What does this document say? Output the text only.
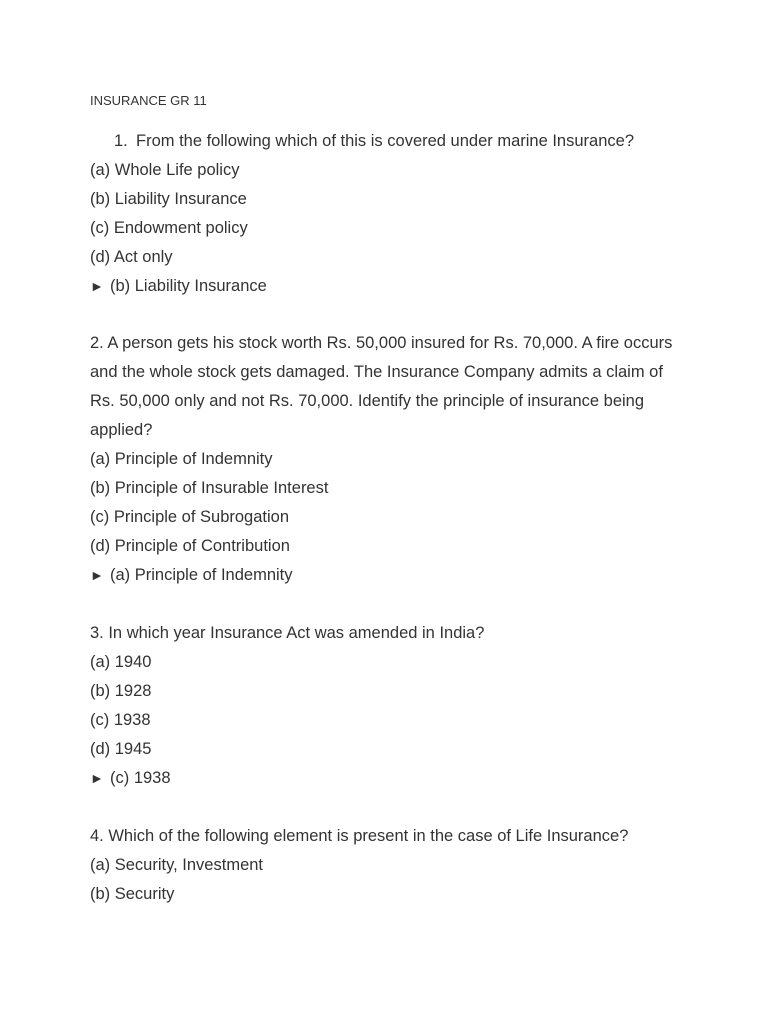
INSURANCE GR 11
1. From the following which of this is covered under marine Insurance?
(a) Whole Life policy
(b) Liability Insurance
(c) Endowment policy
(d) Act only
► (b) Liability Insurance
2. A person gets his stock worth Rs. 50,000 insured for Rs. 70,000. A fire occurs and the whole stock gets damaged. The Insurance Company admits a claim of Rs. 50,000 only and not Rs. 70,000. Identify the principle of insurance being applied?
(a) Principle of Indemnity
(b) Principle of Insurable Interest
(c) Principle of Subrogation
(d) Principle of Contribution
► (a) Principle of Indemnity
3. In which year Insurance Act was amended in India?
(a) 1940
(b) 1928
(c) 1938
(d) 1945
► (c) 1938
4. Which of the following element is present in the case of Life Insurance?
(a) Security, Investment
(b) Security
